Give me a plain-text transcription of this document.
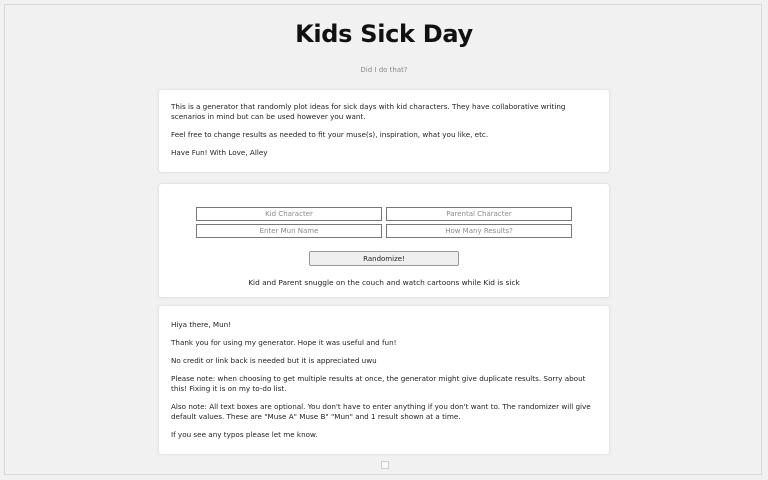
Kids Sick Day
Did I do that?

This is a generator that randomly plot ideas for sick days with kid characters. They have collaborative writing scenarios in mind but can be used however you want.

Feel free to change results as needed to fit your muse(s), inspiration, what you like, etc.

Have Fun! With Love, Alley

Kid Character
Parental Character
Enter Mun Name
How Many Results?
Randomize!
Kid and Parent snuggle on the couch and watch cartoons while Kid is sick

Hiya there, Mun!

Thank you for using my generator. Hope it was useful and fun!

No credit or link back is needed but it is appreciated uwu

Please note: when choosing to get multiple results at once, the generator might give duplicate results. Sorry about this! Fixing it is on my to-do list.

Also note: All text boxes are optional. You don't have to enter anything if you don't want to. The randomizer will give default values. These are "Muse A" Muse B" "Mun" and 1 result shown at a time.

If you see any typos please let me know.
